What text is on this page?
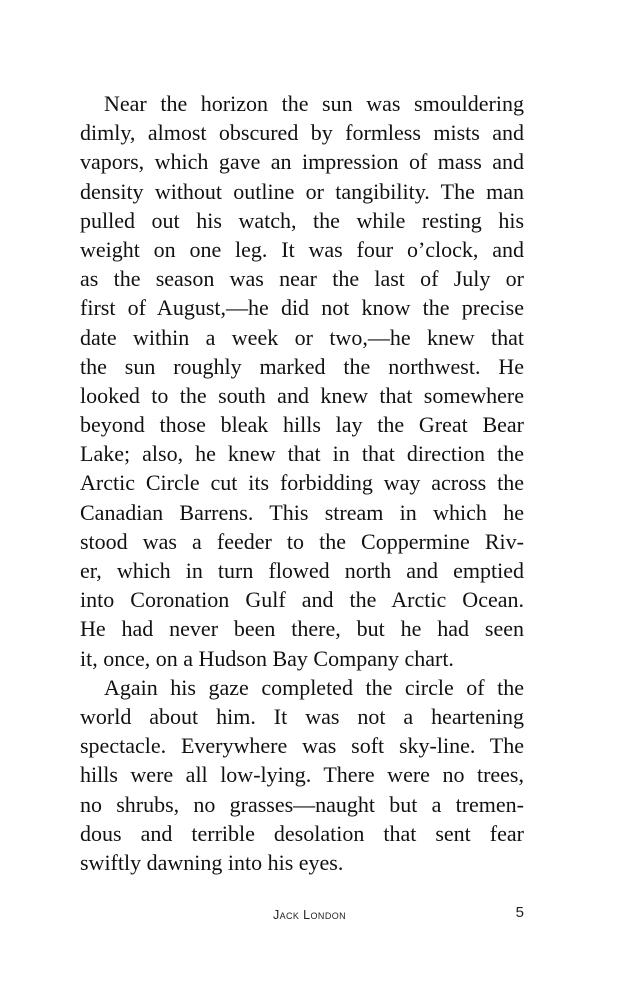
Near the horizon the sun was smouldering
dimly, almost obscured by formless mists and
vapors, which gave an impression of mass and
density without outline or tangibility. The man
pulled out his watch, the while resting his
weight on one leg. It was four o’clock, and
as the season was near the last of July or
first of August,—he did not know the precise
date within a week or two,—he knew that
the sun roughly marked the northwest. He
looked to the south and knew that somewhere
beyond those bleak hills lay the Great Bear
Lake; also, he knew that in that direction the
Arctic Circle cut its forbidding way across the
Canadian Barrens. This stream in which he
stood was a feeder to the Coppermine Riv-
er, which in turn flowed north and emptied
into Coronation Gulf and the Arctic Ocean.
He had never been there, but he had seen
it, once, on a Hudson Bay Company chart.
Again his gaze completed the circle of the
world about him. It was not a heartening
spectacle. Everywhere was soft sky-line. The
hills were all low-lying. There were no trees,
no shrubs, no grasses—naught but a tremen-
dous and terrible desolation that sent fear
swiftly dawning into his eyes.
Jack London	5
